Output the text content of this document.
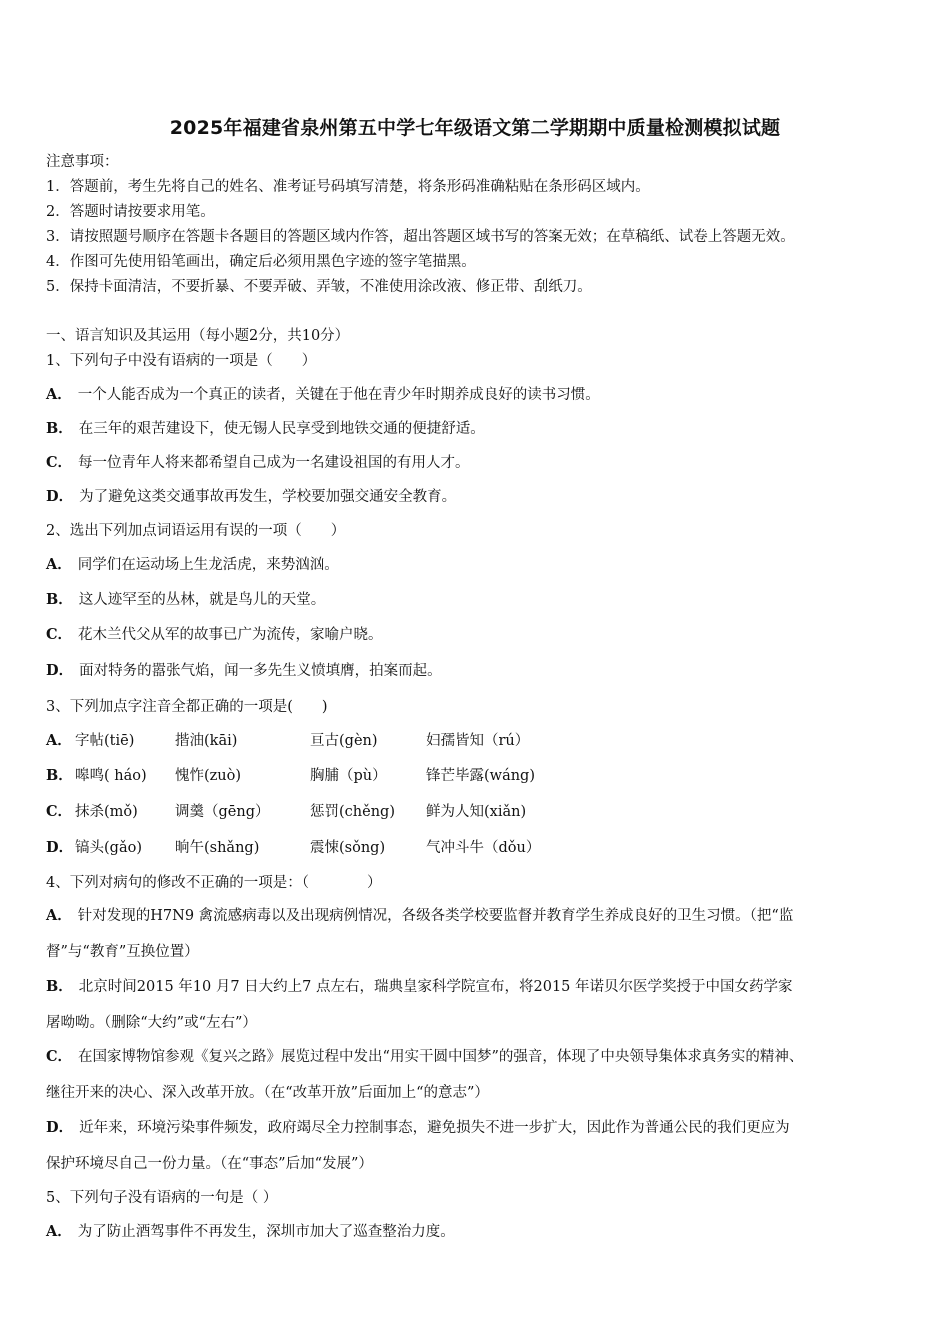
2025年福建省泉州第五中学七年级语文第二学期期中质量检测模拟试题
注意事项：
1．答题前，考生先将自己的姓名、准考证号码填写清楚，将条形码准确粘贴在条形码区域内。
2．答题时请按要求用笔。
3．请按照题号顺序在答题卡各题目的答题区域内作答，超出答题区域书写的答案无效；在草稿纸、试卷上答题无效。
4．作图可先使用铅笔画出，确定后必须用黑色字迹的签字笔描黑。
5．保持卡面清洁，不要折暴、不要弄破、弄皱，不准使用涂改液、修正带、刮纸刀。
一、语言知识及其运用（每小题2分，共10分）
1、下列句子中没有语病的一项是（　　）
A． 一个人能否成为一个真正的读者，关键在于他在青少年时期养成良好的读书习惯。
B． 在三年的艰苦建设下，使无锡人民享受到地铁交通的便捷舒适。
C． 每一位青年人将来都希望自己成为一名建设祖国的有用人才。
D． 为了避免这类交通事故再发生，学校要加强交通安全教育。
2、选出下列加点词语运用有误的一项（　　）
A． 同学们在运动场上生龙活虎，来势汹汹。
B． 这人迹罕至的丛林，就是鸟儿的天堂。
C． 花木兰代父从军的故事已广为流传，家喻户晓。
D． 面对特务的嚣张气焰，闻一多先生义愤填膺，拍案而起。
3、下列加点字注音全都正确的一项是(　　)
A． 字帖(tiē)	揩油(kāi)	亘古(gèn)	妇孺皆知（rú）
B． 嗥鸣( háo) 愧怍(zuò)	胸脯（pù）	锋芒毕露(wáng)
C． 抹杀(mǒ)	调羹（gēng）	惩罚(chěng) 鲜为人知(xiǎn)
D． 镐头(gǎo) 晌午(shǎng)	震悚(sǒng)	气冲斗牛（dǒu）
4、下列对病句的修改不正确的一项是：（　　　　）
A． 针对发现的H7N9 禽流感病毒以及出现病例情况，各级各类学校要监督并教育学生养成良好的卫生习惯。（把“监
督”与“教育”互换位置）
B． 北京时间2015 年10 月7 日大约上7 点左右，瑞典皇家科学院宣布，将2015 年诺贝尔医学奖授于中国女药学家
屠呦呦。（删除“大约”或“左右”）
C． 在国家博物馆参观《复兴之路》展览过程中发出“用实干圆中国梦”的强音，体现了中央领导集体求真务实的精神、
继往开来的决心、深入改革开放。（在“改革开放”后面加上“的意志”）
D． 近年来，环境污染事件频发，政府竭尽全力控制事态，避免损失不进一步扩大，因此作为普通公民的我们更应为
保护环境尽自己一份力量。（在“事态”后加“发展”）
5、下列句子没有语病的一句是（ ）
A． 为了防止酒驾事件不再发生，深圳市加大了巡查整治力度。
